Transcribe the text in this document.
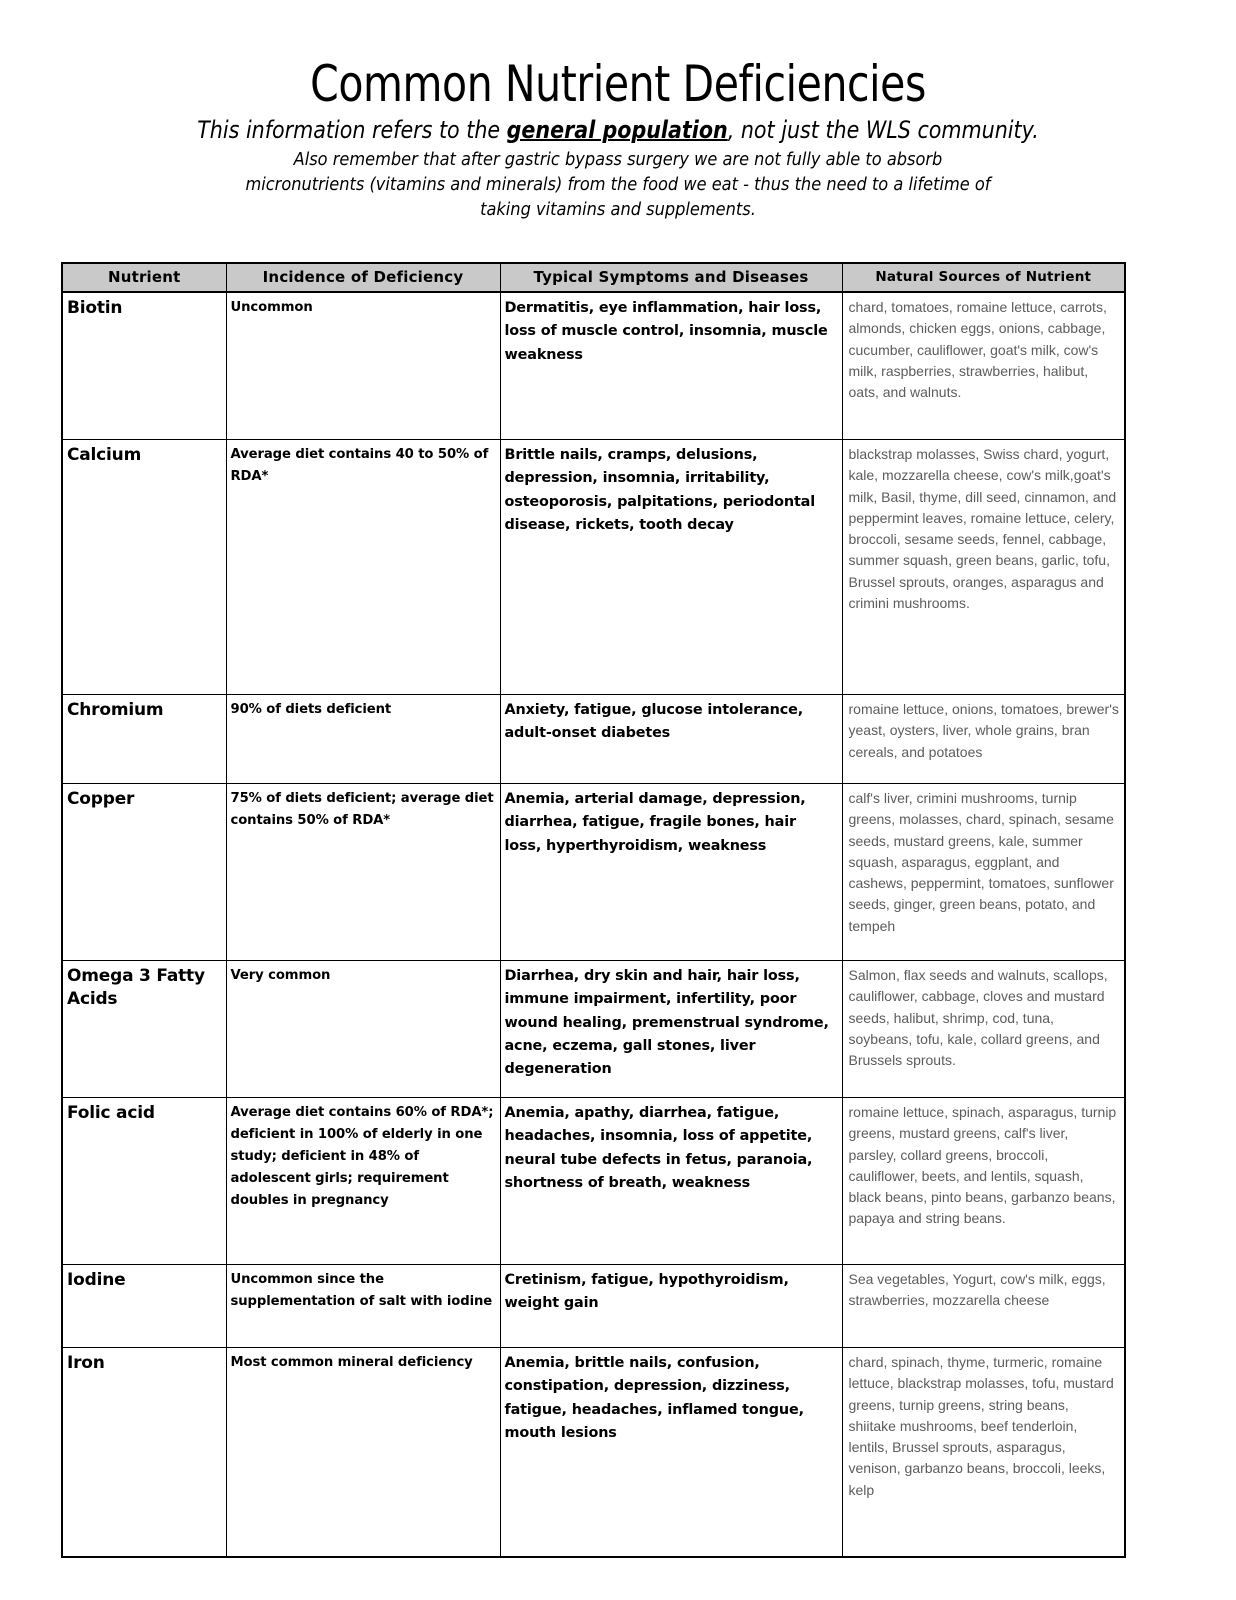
Common Nutrient Deficiencies

This information refers to the general population, not just the WLS community.

Also remember that after gastric bypass surgery we are not fully able to absorb micronutrients (vitamins and minerals) from the food we eat - thus the need to a lifetime of taking vitamins and supplements.

Nutrient	Incidence of Deficiency	Typical Symptoms and Diseases	Natural Sources of Nutrient
Biotin	Uncommon	Dermatitis, eye inflammation, hair loss, loss of muscle control, insomnia, muscle weakness	chard, tomatoes, romaine lettuce, carrots, almonds, chicken eggs, onions, cabbage, cucumber, cauliflower, goat's milk, cow's milk, raspberries, strawberries, halibut, oats, and walnuts.
Calcium	Average diet contains 40 to 50% of RDA*	Brittle nails, cramps, delusions, depression, insomnia, irritability, osteoporosis, palpitations, periodontal disease, rickets, tooth decay	blackstrap molasses, Swiss chard, yogurt, kale, mozzarella cheese, cow's milk,goat's milk, Basil, thyme, dill seed, cinnamon, and peppermint leaves, romaine lettuce, celery, broccoli, sesame seeds, fennel, cabbage, summer squash, green beans, garlic, tofu, Brussel sprouts, oranges, asparagus and crimini mushrooms.
Chromium	90% of diets deficient	Anxiety, fatigue, glucose intolerance, adult-onset diabetes	romaine lettuce, onions, tomatoes, brewer's yeast, oysters, liver, whole grains, bran cereals, and potatoes
Copper	75% of diets deficient; average diet contains 50% of RDA*	Anemia, arterial damage, depression, diarrhea, fatigue, fragile bones, hair loss, hyperthyroidism, weakness	calf's liver, crimini mushrooms, turnip greens, molasses, chard, spinach, sesame seeds, mustard greens, kale, summer squash, asparagus, eggplant, and cashews, peppermint, tomatoes, sunflower seeds, ginger, green beans, potato, and tempeh
Omega 3 Fatty Acids	Very common	Diarrhea, dry skin and hair, hair loss, immune impairment, infertility, poor wound healing, premenstrual syndrome, acne, eczema, gall stones, liver degeneration	Salmon, flax seeds and walnuts, scallops, cauliflower, cabbage, cloves and mustard seeds, halibut, shrimp, cod, tuna, soybeans, tofu, kale, collard greens, and Brussels sprouts.
Folic acid	Average diet contains 60% of RDA*; deficient in 100% of elderly in one study; deficient in 48% of adolescent girls; requirement doubles in pregnancy	Anemia, apathy, diarrhea, fatigue, headaches, insomnia, loss of appetite, neural tube defects in fetus, paranoia, shortness of breath, weakness	romaine lettuce, spinach, asparagus, turnip greens, mustard greens, calf's liver, parsley, collard greens, broccoli, cauliflower, beets, and lentils, squash, black beans, pinto beans, garbanzo beans, papaya and string beans.
Iodine	Uncommon since the supplementation of salt with iodine	Cretinism, fatigue, hypothyroidism, weight gain	Sea vegetables, Yogurt, cow's milk, eggs, strawberries, mozzarella cheese
Iron	Most common mineral deficiency	Anemia, brittle nails, confusion, constipation, depression, dizziness, fatigue, headaches, inflamed tongue, mouth lesions	chard, spinach, thyme, turmeric, romaine lettuce, blackstrap molasses, tofu, mustard greens, turnip greens, string beans, shiitake mushrooms, beef tenderloin, lentils, Brussel sprouts, asparagus, venison, garbanzo beans, broccoli, leeks, kelp
